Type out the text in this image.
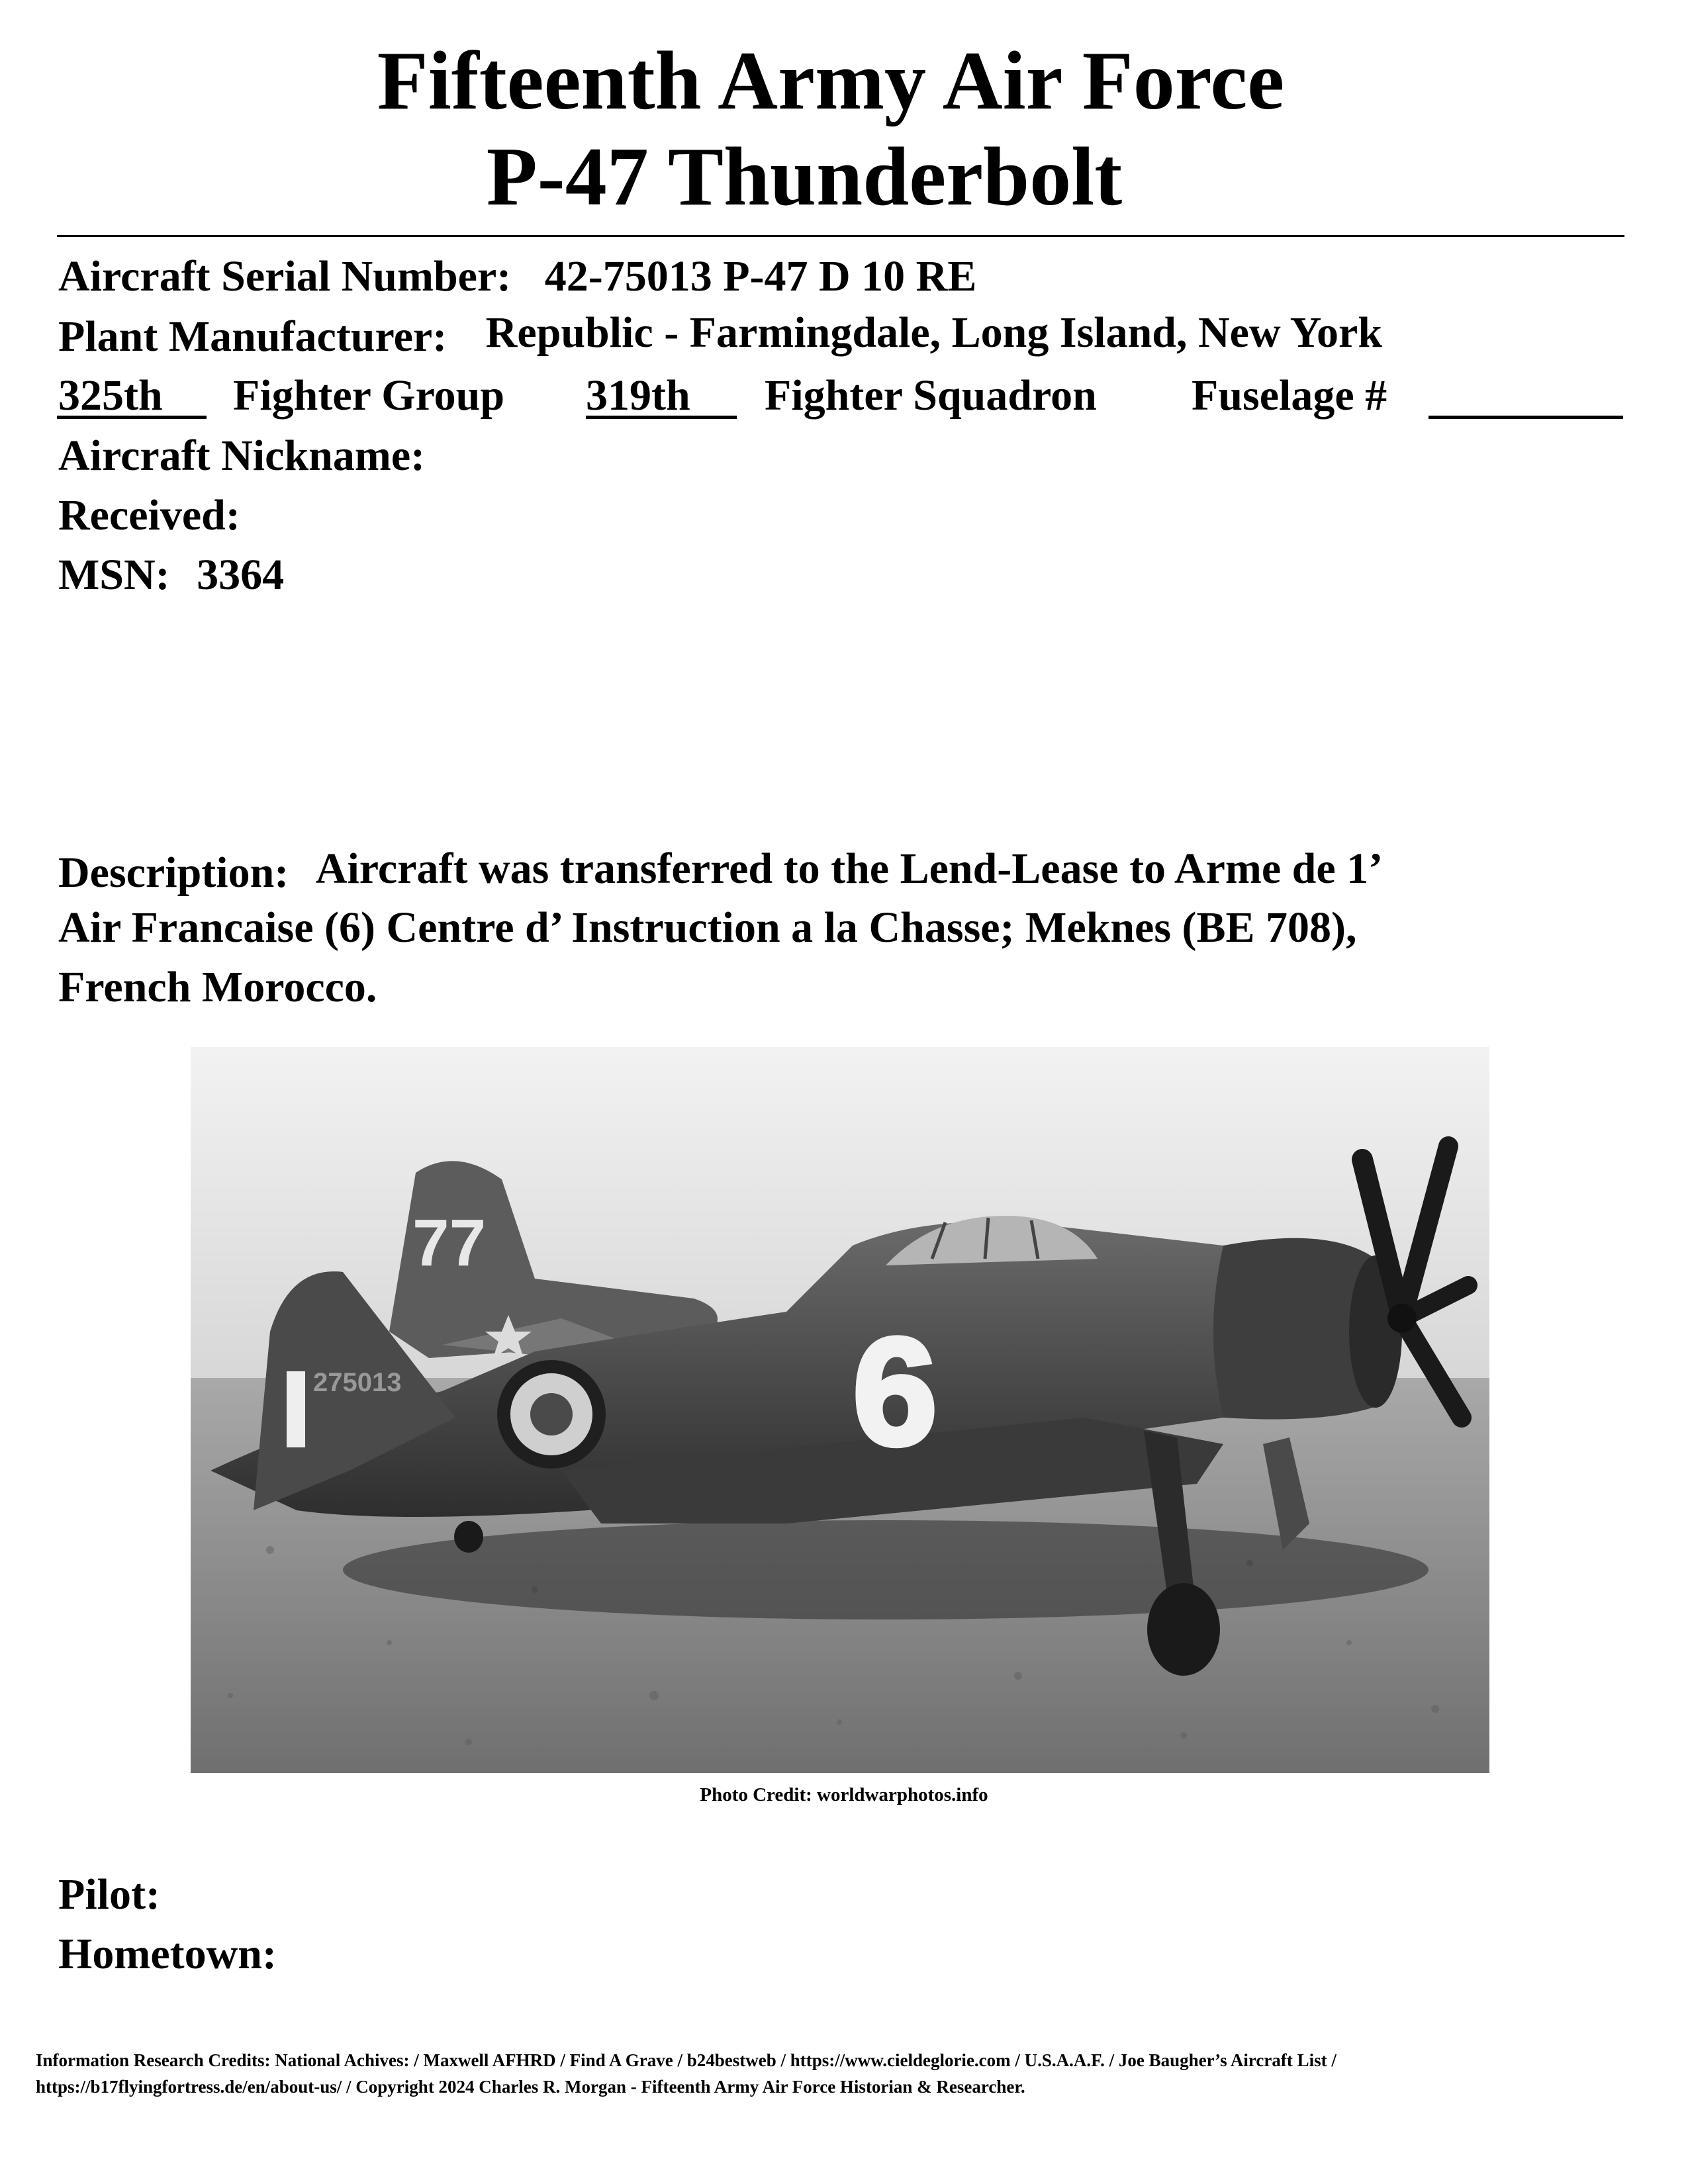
Fifteenth Army Air Force
P-47 Thunderbolt
Aircraft Serial Number: 42-75013 P-47 D 10 RE
Plant Manufacturer: Republic - Farmingdale, Long Island, New York
325th Fighter Group 319th Fighter Squadron Fuselage #
Aircraft Nickname:
Received:
MSN: 3364
Description: Aircraft was transferred to the Lend-Lease to Arme de 1’
Air Francaise (6) Centre d’ Instruction a la Chasse; Meknes (BE 708),
French Morocco.
77
275013	6
Photo Credit: worldwarphotos.info
Pilot:
Hometown:
Information Research Credits: National Achives: / Maxwell AFHRD / Find A Grave / b24bestweb / https://www.cieldeglorie.com / U.S.A.A.F. / Joe Baugher’s Aircraft List /
https://b17flyingfortress.de/en/about-us/ / Copyright 2024 Charles R. Morgan - Fifteenth Army Air Force Historian & Researcher.
